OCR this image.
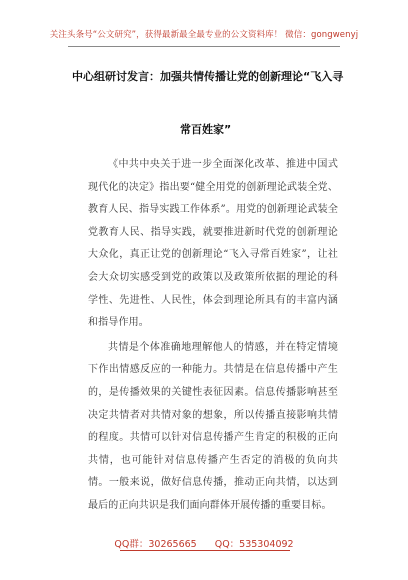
关注头条号“公文研究”，获得最新最全最专业的公文资料库！ 微信：gongwenyj
中心组研讨发言：加强共情传播让党的创新理论“飞入寻
常百姓家”

《中共中央关于进一步全面深化改革、推进中国式现代化的决定》指出要“健全用党的创新理论武装全党、教育人民、指导实践工作体系”。用党的创新理论武装全党教育人民、指导实践，就要推进新时代党的创新理论大众化，真正让党的创新理论“飞入寻常百姓家”，让社会大众切实感受到党的政策以及政策所依据的理论的科学性、先进性、人民性，体会到理论所具有的丰富内涵和指导作用。

共情是个体准确地理解他人的情感，并在特定情境下作出情感反应的一种能力。共情是在信息传播中产生的，是传播效果的关键性表征因素。信息传播影响甚至决定共情者对共情对象的想象，所以传播直接影响共情的程度。共情可以针对信息传播产生肯定的积极的正向共情，也可能针对信息传播产生否定的消极的负向共情。一般来说，做好信息传播，推动正向共情，以达到最后的正向共识是我们面向群体开展传播的重要目标。

QQ群：30265665 QQ：535304092
